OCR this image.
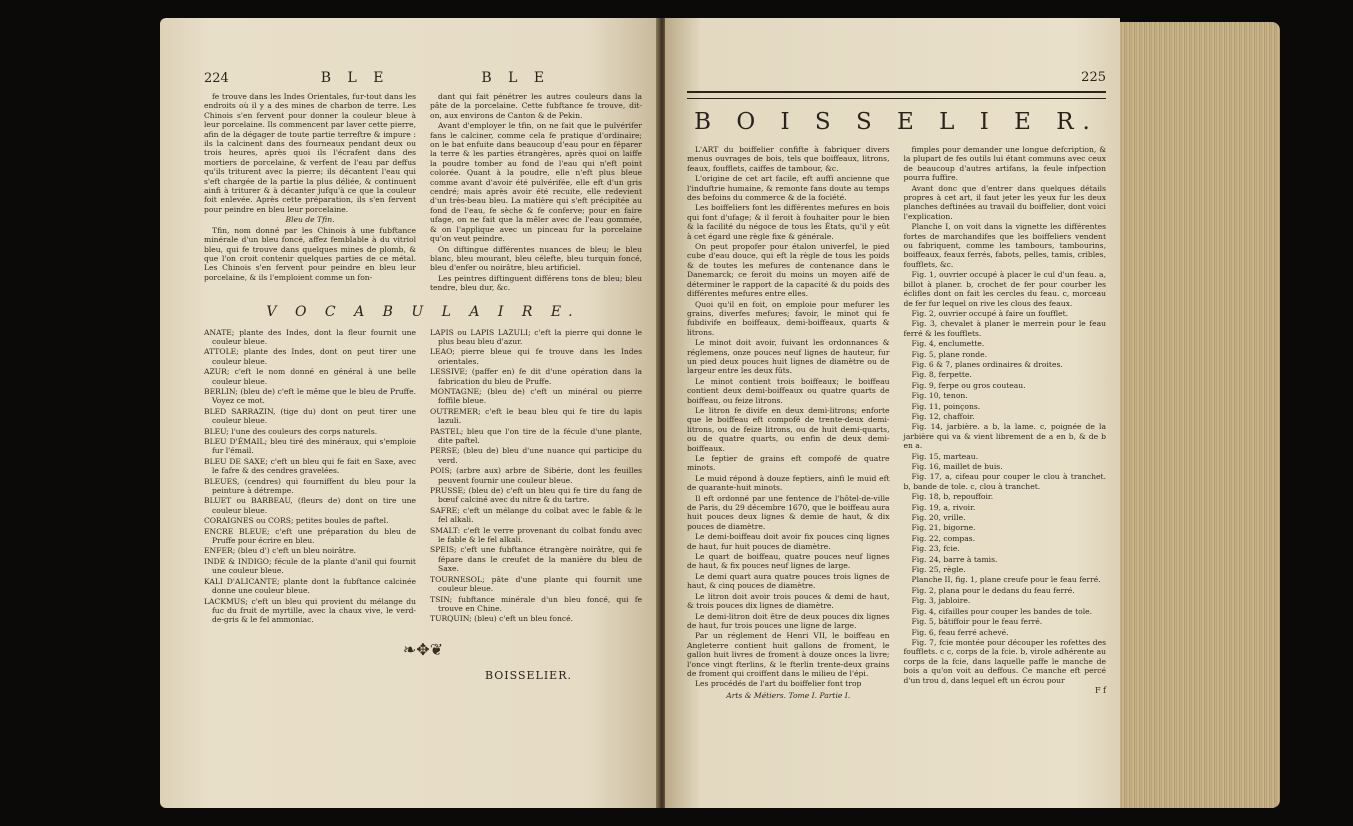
224	B L E	B L E

fe trouve dans les Indes Orientales, fur-tout dans les endroits où il y a des mines de charbon de terre. Les Chinois s'en fervent pour donner la couleur bleue à leur porcelaine. Ils commencent par laver cette pierre, afin de la dégager de toute partie terreftre & impure : ils la calcinent dans des fourneaux pendant deux ou trois heures, après quoi ils l'écrafent dans des mortiers de porcelaine, & verfent de l'eau par deffus qu'ils triturent avec la pierre; ils décantent l'eau qui s'eft chargée de la partie la plus déliée, & continuent ainfi à triturer & à décanter jufqu'à ce que la couleur foit enlevée. Après cette préparation, ils s'en fervent pour peindre en bleu leur porcelaine.

Bleu de Tfin.

Tfin, nom donné par les Chinois à une fubftance minérale d'un bleu foncé, affez femblable à du vitriol bleu, qui fe trouve dans quelques mines de plomb, & que l'on croit contenir quelques parties de ce métal. Les Chinois s'en fervent pour peindre en bleu leur porcelaine, & ils l'emploient comme un fon-

dant qui fait pénétrer les autres couleurs dans la pâte de la porcelaine. Cette fubftance fe trouve, dit-on, aux environs de Canton & de Pekin.

Avant d'employer le tfin, on ne fait que le pulvérifer fans le calciner, comme cela fe pratique d'ordinaire; on le bat enfuite dans beaucoup d'eau pour en féparer la terre & les parties étrangères, après quoi on laiffe la poudre tomber au fond de l'eau qui n'eft point colorée. Quant à la poudre, elle n'eft plus bleue comme avant d'avoir été pulvérifée, elle eft d'un gris cendré; mais après avoir été recuite, elle redevient d'un très-beau bleu. La matière qui s'eft précipitée au fond de l'eau, fe sèche & fe conferve; pour en faire ufage, on ne fait que la mêler avec de l'eau gommée, & on l'applique avec un pinceau fur la porcelaine qu'on veut peindre.

On diftingue différentes nuances de bleu; le bleu blanc, bleu mourant, bleu célefte, bleu turquin foncé, bleu d'enfer ou noirâtre, bleu artificiel.

Les peintres diftinguent différens tons de bleu; bleu tendre, bleu dur, &c.

V O C A B U L A I R E.

ANATE; plante des Indes, dont la fleur fournit une couleur bleue.

ATTOLE; plante des Indes, dont on peut tirer une couleur bleue.

AZUR; c'eft le nom donné en général à une belle couleur bleue.

BERLIN; (bleu de) c'eft le même que le bleu de Pruffe. Voyez ce mot.

BLED SARRAZIN, (tige du) dont on peut tirer une couleur bleue.

BLEU; l'une des couleurs des corps naturels.

BLEU D'ÉMAIL; bleu tiré des minéraux, qui s'emploie fur l'émail.

BLEU DE SAXE; c'eft un bleu qui fe fait en Saxe, avec le fafre & des cendres gravelées.

BLEUES, (cendres) qui fourniffent du bleu pour la peinture à détrempe.

BLUET ou BARBEAU, (fleurs de) dont on tire une couleur bleue.

CORAIGNES ou CORS; petites boules de paftel.

ENCRE BLEUE; c'eft une préparation du bleu de Pruffe pour écrire en bleu.

ENFER; (bleu d') c'eft un bleu noirâtre.

INDE & INDIGO; fécule de la plante d'anil qui fournit une couleur bleue.

KALI D'ALICANTE; plante dont la fubftance calcinée donne une couleur bleue.

LACKMUS; c'eft un bleu qui provient du mélange du fuc du fruit de myrtille, avec la chaux vive, le verd-de-gris & le fel ammoniac.

LAPIS ou LAPIS LAZULI; c'eft la pierre qui donne le plus beau bleu d'azur.

LEAO; pierre bleue qui fe trouve dans les Indes orientales.

LESSIVE; (paffer en) fe dit d'une opération dans la fabrication du bleu de Pruffe.

MONTAGNE; (bleu de) c'eft un minéral ou pierre foffile bleue.

OUTREMER; c'eft le beau bleu qui fe tire du lapis lazuli.

PASTEL; bleu que l'on tire de la fécule d'une plante, dite paftel.

PERSE; (bleu de) bleu d'une nuance qui participe du verd.

POIS; (arbre aux) arbre de Sibérie, dont les feuilles peuvent fournir une couleur bleue.

PRUSSE; (bleu de) c'eft un bleu qui fe tire du fang de bœuf calciné avec du nitre & du tartre.

SAFRE; c'eft un mélange du colbat avec le fable & le fel alkali.

SMALT: c'eft le verre provenant du colbat fondu avec le fable & le fel alkali.

SPEIS; c'eft une fubftance étrangère noirâtre, qui fe fépare dans le creufet de la manière du bleu de Saxe.

TOURNESOL; pâte d'une plante qui fournit une couleur bleue.

TSIN; fubftance minérale d'un bleu foncé, qui fe trouve en Chine.

TURQUIN; (bleu) c'eft un bleu foncé.

❧✥❦
BOISSELIER.
225
B O I S S E L I E R.

L'ART du boiffelier confifte à fabriquer divers menus ouvrages de bois, tels que boiffeaux, litrons, feaux, foufflets, caiffes de tambour, &c.

L'origine de cet art facile, eft auffi ancienne que l'induftrie humaine, & remonte fans doute au temps des befoins du commerce & de la fociété.

Les boiffeliers font les différentes mefures en bois qui font d'ufage; & il feroit à fouhaiter pour le bien & la facilité du négoce de tous les États, qu'il y eût à cet égard une règle fixe & générale.

On peut propofer pour étalon univerfel, le pied cube d'eau douce, qui eft la règle de tous les poids & de toutes les mefures de contenance dans le Danemarck; ce feroit du moins un moyen aifé de déterminer le rapport de la capacité & du poids des différentes mefures entre elles.

Quoi qu'il en foit, on emploie pour mefurer les grains, diverfes mefures; favoir, le minot qui fe fubdivife en boiffeaux, demi-boiffeaux, quarts & litrons.

Le minot doit avoir, fuivant les ordonnances & réglemens, onze pouces neuf lignes de hauteur, fur un pied deux pouces huit lignes de diamètre ou de largeur entre les deux fûts.

Le minot contient trois boiffeaux; le boiffeau contient deux demi-boiffeaux ou quatre quarts de boiffeau, ou feize litrons.

Le litron fe divife en deux demi-litrons; enforte que le boiffeau eft compofé de trente-deux demi-litrons, ou de feize litrons, ou de huit demi-quarts, ou de quatre quarts, ou enfin de deux demi-boiffeaux.

Le feptier de grains eft compofé de quatre minots.

Le muid répond à douze feptiers, ainfi le muid eft de quarante-huit minots.

Il eft ordonné par une fentence de l'hôtel-de-ville de Paris, du 29 décembre 1670, que le boiffeau aura huit pouces deux lignes & demie de haut, & dix pouces de diamètre.

Le demi-boiffeau doit avoir fix pouces cinq lignes de haut, fur huit pouces de diamètre.

Le quart de boiffeau, quatre pouces neuf lignes de haut, & fix pouces neuf lignes de large.

Le demi quart aura quatre pouces trois lignes de haut, & cinq pouces de diamètre.

Le litron doit avoir trois pouces & demi de haut, & trois pouces dix lignes de diamètre.

Le demi-litron doit être de deux pouces dix lignes de haut, fur trois pouces une ligne de large.

Par un réglement de Henri VII, le boiffeau en Angleterre contient huit gallons de froment, le gallon huit livres de froment à douze onces la livre; l'once vingt fterlins, & le fterlin trente-deux grains de froment qui croiffent dans le milieu de l'épi.

Les procédés de l'art du boiffelier font trop

Arts & Métiers. Tome I. Partie I.

fimples pour demander une longue defcription, & la plupart de fes outils lui étant communs avec ceux de beaucoup d'autres artifans, la feule infpection pourra fuffire.

Avant donc que d'entrer dans quelques détails propres à cet art, il faut jeter les yeux fur les deux planches deftinées au travail du boiffelier, dont voici l'explication.

Planche I, on voit dans la vignette les différentes fortes de marchandifes que les boiffeliers vendent ou fabriquent, comme les tambours, tambourins, boiffeaux, feaux ferrés, fabots, pelles, tamis, cribles, foufflets, &c.

Fig. 1, ouvrier occupé à placer le cul d'un feau. a, billot à planer. b, crochet de fer pour courber les éclifles dont on fait les cercles du feau. c, morceau de fer fur lequel on rive les clous des feaux.

Fig. 2, ouvrier occupé à faire un foufflet.

Fig. 3, chevalet à planer le merrein pour le feau ferré & les foufflets.

Fig. 4, enclumette.

Fig. 5, plane ronde.

Fig. 6 & 7, planes ordinaires & droites.

Fig. 8, ferpette.

Fig. 9, ferpe ou gros couteau.

Fig. 10, tenon.

Fig. 11, poinçons.

Fig. 12, chaffoir.

Fig. 14, jarbière. a b, la lame. c, poignée de la jarbière qui va & vient librement de a en b, & de b en a.

Fig. 15, marteau.

Fig. 16, maillet de buis.

Fig. 17, a, cifeau pour couper le clou à tranchet. b, bande de tole. c, clou à tranchet.

Fig. 18, b, repouffoir.

Fig. 19, a, rivoir.

Fig. 20, vrille.

Fig. 21, bigorne.

Fig. 22, compas.

Fig. 23, fcie.

Fig. 24, barre à tamis.

Fig. 25, règle.

Planche II, fig. 1, plane creufe pour le feau ferré.

Fig. 2, plana pour le dedans du feau ferré.

Fig. 3, jabloire.

Fig. 4, cifailles pour couper les bandes de tole.

Fig. 5, bâtiffoir pour le feau ferré.

Fig. 6, feau ferré achevé.

Fig. 7, fcie montée pour découper les rofettes des foufflets. c c, corps de la fcie. b, virole adhérente au corps de la fcie, dans laquelle paffe le manche de bois a qu'on voit au deffous. Ce manche eft percé d'un trou d, dans lequel eft un écrou pour

F f
